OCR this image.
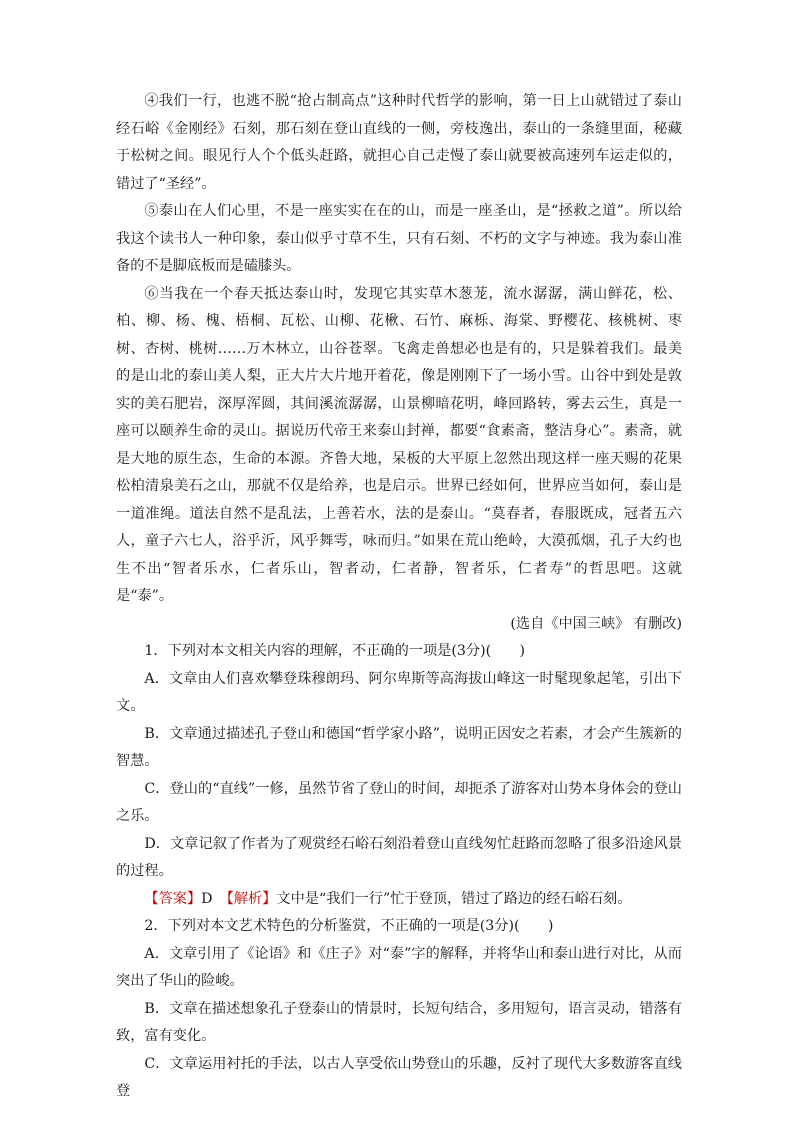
④我们一行，也逃不脱“抢占制高点”这种时代哲学的影响，第一日上山就错过了泰山经石峪《金刚经》石刻，那石刻在登山直线的一侧，旁枝逸出，泰山的一条缝里面，秘藏于松树之间。眼见行人个个低头赶路，就担心自己走慢了泰山就要被高速列车运走似的，错过了“圣经”。

⑤泰山在人们心里，不是一座实实在在的山，而是一座圣山，是“拯救之道”。所以给我这个读书人一种印象，泰山似乎寸草不生，只有石刻、不朽的文字与神迹。我为泰山准备的不是脚底板而是磕膝头。

⑥当我在一个春天抵达泰山时，发现它其实草木葱茏，流水潺潺，满山鲜花，松、柏、柳、杨、槐、梧桐、瓦松、山柳、花楸、石竹、麻栎、海棠、野樱花、核桃树、枣树、杏树、桃树……万木林立，山谷苍翠。飞禽走兽想必也是有的，只是躲着我们。最美的是山北的泰山美人梨，正大片大片地开着花，像是刚刚下了一场小雪。山谷中到处是敦实的美石肥岩，深厚浑圆，其间溪流潺潺，山景柳暗花明，峰回路转，雾去云生，真是一座可以颐养生命的灵山。据说历代帝王来泰山封禅，都要“食素斋，整洁身心”。素斋，就是大地的原生态，生命的本源。齐鲁大地，呆板的大平原上忽然出现这样一座天赐的花果松柏清泉美石之山，那就不仅是给养，也是启示。世界已经如何，世界应当如何，泰山是一道准绳。道法自然不是乱法，上善若水，法的是泰山。“莫春者，春服既成，冠者五六人，童子六七人，浴乎沂，风乎舞雩，咏而归。”如果在荒山绝岭，大漠孤烟，孔子大约也生不出“智者乐水，仁者乐山，智者动，仁者静，智者乐，仁者寿”的哲思吧。这就是“泰”。

(选自《中国三峡》 有删改)

1．下列对本文相关内容的理解，不正确的一项是(3分)(　　)

A．文章由人们喜欢攀登珠穆朗玛、阿尔卑斯等高海拔山峰这一时髦现象起笔，引出下文。

B．文章通过描述孔子登山和德国“哲学家小路”，说明正因安之若素，才会产生簇新的智慧。

C．登山的“直线”一修，虽然节省了登山的时间，却扼杀了游客对山势本身体会的登山之乐。

D．文章记叙了作者为了观赏经石峪石刻沿着登山直线匆忙赶路而忽略了很多沿途风景的过程。

【答案】D　【解析】文中是“我们一行”忙于登顶，错过了路边的经石峪石刻。

2．下列对本文艺术特色的分析鉴赏，不正确的一项是(3分)(　　)

A．文章引用了《论语》和《庄子》对“泰”字的解释，并将华山和泰山进行对比，从而突出了华山的险峻。

B．文章在描述想象孔子登泰山的情景时，长短句结合，多用短句，语言灵动，错落有致，富有变化。

C．文章运用衬托的手法，以古人享受依山势登山的乐趣，反衬了现代大多数游客直线登
